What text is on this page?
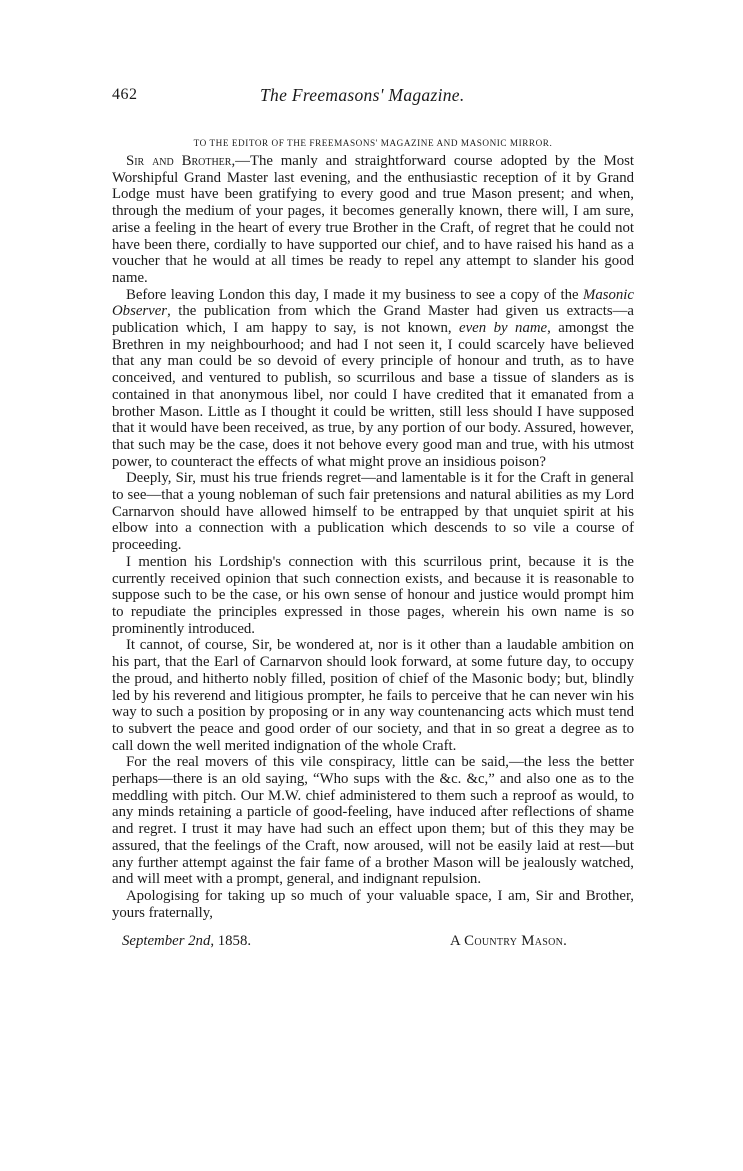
462	The Freemasons' Magazine.
TO THE EDITOR OF THE FREEMASONS' MAGAZINE AND MASONIC MIRROR.

Sir and Brother,—The manly and straightforward course adopted by the Most Worshipful Grand Master last evening, and the enthusiastic reception of it by Grand Lodge must have been gratifying to every good and true Mason present; and when, through the medium of your pages, it becomes generally known, there will, I am sure, arise a feeling in the heart of every true Brother in the Craft, of regret that he could not have been there, cordially to have supported our chief, and to have raised his hand as a voucher that he would at all times be ready to repel any attempt to slander his good name.

Before leaving London this day, I made it my business to see a copy of the Masonic Observer, the publication from which the Grand Master had given us extracts—a publication which, I am happy to say, is not known, even by name, amongst the Brethren in my neighbourhood; and had I not seen it, I could scarcely have believed that any man could be so devoid of every principle of honour and truth, as to have conceived, and ventured to publish, so scurrilous and base a tissue of slanders as is contained in that anonymous libel, nor could I have credited that it emanated from a brother Mason. Little as I thought it could be written, still less should I have supposed that it would have been received, as true, by any portion of our body. Assured, however, that such may be the case, does it not behove every good man and true, with his utmost power, to counteract the effects of what might prove an insidious poison?

Deeply, Sir, must his true friends regret—and lamentable is it for the Craft in general to see—that a young nobleman of such fair pretensions and natural abilities as my Lord Carnarvon should have allowed himself to be entrapped by that unquiet spirit at his elbow into a connection with a publication which descends to so vile a course of proceeding.

I mention his Lordship's connection with this scurrilous print, because it is the currently received opinion that such connection exists, and because it is reasonable to suppose such to be the case, or his own sense of honour and justice would prompt him to repudiate the principles expressed in those pages, wherein his own name is so prominently introduced.

It cannot, of course, Sir, be wondered at, nor is it other than a laudable ambition on his part, that the Earl of Carnarvon should look forward, at some future day, to occupy the proud, and hitherto nobly filled, position of chief of the Masonic body; but, blindly led by his reverend and litigious prompter, he fails to perceive that he can never win his way to such a position by proposing or in any way countenancing acts which must tend to subvert the peace and good order of our society, and that in so great a degree as to call down the well merited indignation of the whole Craft.

For the real movers of this vile conspiracy, little can be said,—the less the better perhaps—there is an old saying, “Who sups with the &c. &c,” and also one as to the meddling with pitch. Our M.W. chief administered to them such a reproof as would, to any minds retaining a particle of good-feeling, have induced after reflections of shame and regret. I trust it may have had such an effect upon them; but of this they may be assured, that the feelings of the Craft, now aroused, will not be easily laid at rest—but any further attempt against the fair fame of a brother Mason will be jealously watched, and will meet with a prompt, general, and indignant repulsion.

Apologising for taking up so much of your valuable space, I am, Sir and Brother, yours fraternally,

September 2nd, 1858.	A Country Mason.
